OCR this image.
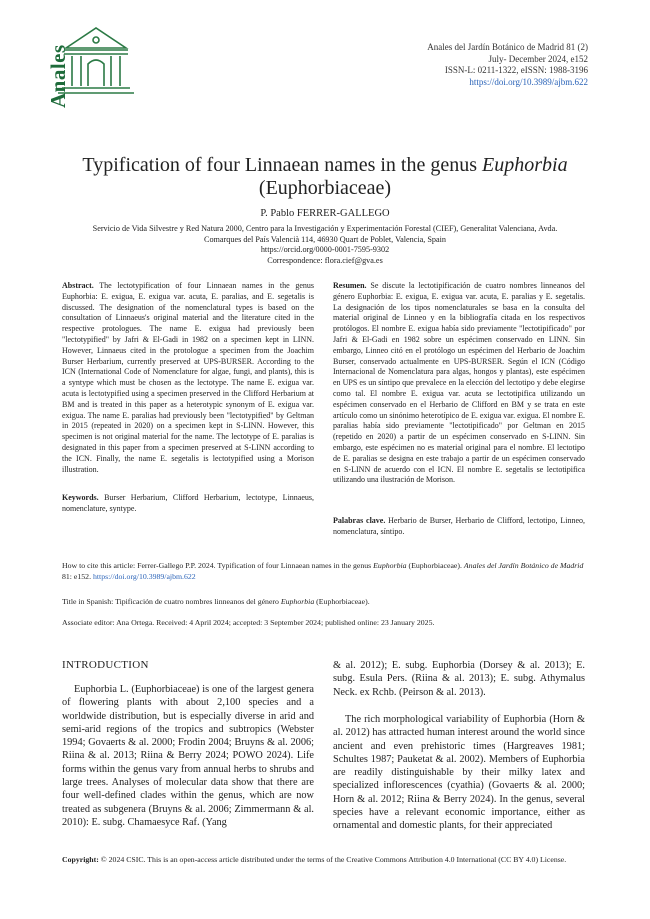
Anales	Anales del Jardín Botánico de Madrid 81 (2)
July- December 2024, e152
ISSN-L: 0211-1322, eISSN: 1988-3196
https://doi.org/10.3989/ajbm.622
Typification of four Linnaean names in the genus Euphorbia
(Euphorbiaceae)
P. Pablo FERRER-GALLEGO
Servicio de Vida Silvestre y Red Natura 2000, Centro para la Investigación y Experimentación Forestal (CIEF), Generalitat Valenciana, Avda.
Comarques del País Valencià 114, 46930 Quart de Poblet, Valencia, Spain
https://orcid.org/0000-0001-7595-9302
Correspondence: flora.cief@gva.es
Abstract. The lectotypification of four Linnaean names in the genus Euphorbia: E. exigua, E. exigua var. acuta, E. paralias, and E. segetalis is discussed. The designation of the nomenclatural types is based on the consultation of Linnaeus's original material and the literature cited in the respective protologues. The name E. exigua had previously been "lectotypified" by Jafri & El-Gadi in 1982 on a specimen kept in LINN. However, Linnaeus cited in the protologue a specimen from the Joachim Burser Herbarium, currently preserved at UPS-BURSER. According to the ICN (International Code of Nomenclature for algae, fungi, and plants), this is a syntype which must be chosen as the lectotype. The name E. exigua var. acuta is lectotypified using a specimen preserved in the Clifford Herbarium at BM and is treated in this paper as a heterotypic synonym of E. exigua var. exigua. The name E. paralias had previously been "lectotypified" by Geltman in 2015 (repeated in 2020) on a specimen kept in S-LINN. However, this specimen is not original material for the name. The lectotype of E. paralias is designated in this paper from a specimen preserved at S-LINN according to the ICN. Finally, the name E. segetalis is lectotypified using a Morison illustration.
Keywords. Burser Herbarium, Clifford Herbarium, lectotype, Linnaeus, nomenclature, syntype.
Resumen. Se discute la lectotipificación de cuatro nombres linneanos del género Euphorbia: E. exigua, E. exigua var. acuta, E. paralias y E. segetalis. La designación de los tipos nomenclaturales se basa en la consulta del material original de Linneo y en la bibliografía citada en los respectivos protólogos. El nombre E. exigua había sido previamente "lectotipificado" por Jafri & El-Gadi en 1982 sobre un espécimen conservado en LINN. Sin embargo, Linneo citó en el protólogo un espécimen del Herbario de Joachim Burser, conservado actualmente en UPS-BURSER. Según el ICN (Código Internacional de Nomenclatura para algas, hongos y plantas), este espécimen en UPS es un síntipo que prevalece en la elección del lectotipo y debe elegirse como tal. El nombre E. exigua var. acuta se lectotipifica utilizando un espécimen conservado en el Herbario de Clifford en BM y se trata en este artículo como un sinónimo heterotípico de E. exigua var. exigua. El nombre E. paralias había sido previamente "lectotipificado" por Geltman en 2015 (repetido en 2020) a partir de un espécimen conservado en S-LINN. Sin embargo, este espécimen no es material original para el nombre. El lectotipo de E. paralias se designa en este trabajo a partir de un espécimen conservado en S-LINN de acuerdo con el ICN. El nombre E. segetalis se lectotipifica utilizando una ilustración de Morison.
Palabras clave. Herbario de Burser, Herbario de Clifford, lectotipo, Linneo, nomenclatura, síntipo.
How to cite this article: Ferrer-Gallego P.P. 2024. Typification of four Linnaean names in the genus Euphorbia (Euphorbiaceae). Anales del Jardín Botánico de Madrid 81: e152. https://doi.org/10.3989/ajbm.622
Title in Spanish: Tipificación de cuatro nombres linneanos del género Euphorbia (Euphorbiaceae).
Associate editor: Ana Ortega. Received: 4 April 2024; accepted: 3 September 2024; published online: 23 January 2025.
INTRODUCTION
Euphorbia L. (Euphorbiaceae) is one of the largest genera of flowering plants with about 2,100 species and a worldwide distribution, but is especially diverse in arid and semi-arid regions of the tropics and subtropics (Webster 1994; Govaerts & al. 2000; Frodin 2004; Bruyns & al. 2006; Riina & al. 2013; Riina & Berry 2024; POWO 2024). Life forms within the genus vary from annual herbs to shrubs and large trees. Analyses of molecular data show that there are four well-defined clades within the genus, which are now treated as subgenera (Bruyns & al. 2006; Zimmermann & al. 2010): E. subg. Chamaesyce Raf. (Yang
& al. 2012); E. subg. Euphorbia (Dorsey & al. 2013); E. subg. Esula Pers. (Riina & al. 2013); E. subg. Athymalus Neck. ex Rchb. (Peirson & al. 2013).
The rich morphological variability of Euphorbia (Horn & al. 2012) has attracted human interest around the world since ancient and even prehistoric times (Hargreaves 1981; Schultes 1987; Pauketat & al. 2002). Members of Euphorbia are readily distinguishable by their milky latex and specialized inflorescences (cyathia) (Govaerts & al. 2000; Horn & al. 2012; Riina & Berry 2024). In the genus, several species have a relevant economic importance, either as ornamental and domestic plants, for their appreciated
Copyright: © 2024 CSIC. This is an open-access article distributed under the terms of the Creative Commons Attribution 4.0 International (CC BY 4.0) License.
